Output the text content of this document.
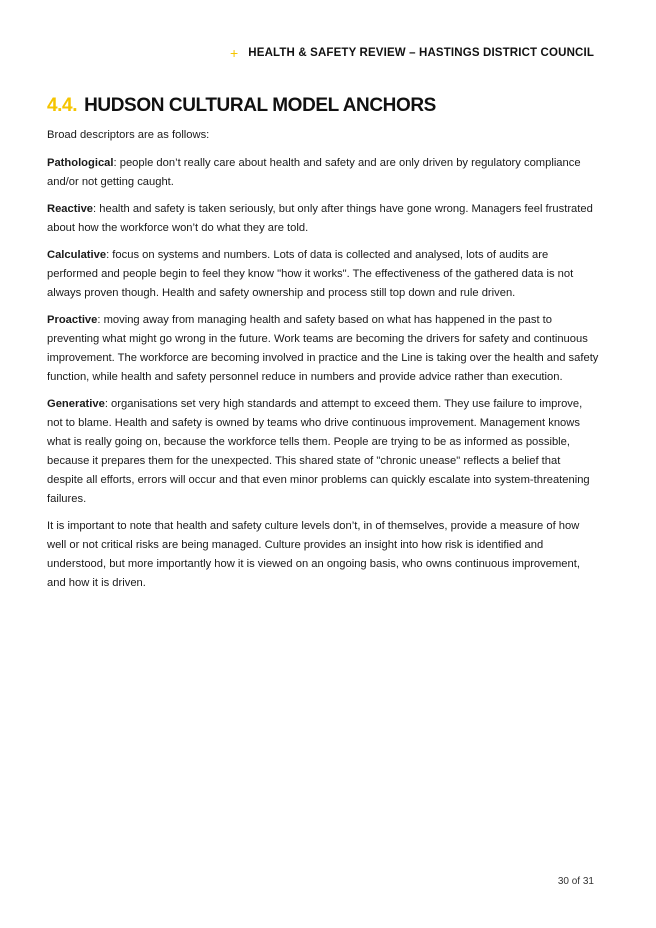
+ HEALTH & SAFETY REVIEW – HASTINGS DISTRICT COUNCIL
4.4. HUDSON CULTURAL MODEL ANCHORS

Broad descriptors are as follows:

Pathological: people don’t really care about health and safety and are only driven by regulatory compliance and/or not getting caught.

Reactive: health and safety is taken seriously, but only after things have gone wrong. Managers feel frustrated about how the workforce won’t do what they are told.

Calculative: focus on systems and numbers. Lots of data is collected and analysed, lots of audits are performed and people begin to feel they know "how it works". The effectiveness of the gathered data is not always proven though. Health and safety ownership and process still top down and rule driven.

Proactive: moving away from managing health and safety based on what has happened in the past to preventing what might go wrong in the future. Work teams are becoming the drivers for safety and continuous improvement. The workforce are becoming involved in practice and the Line is taking over the health and safety function, while health and safety personnel reduce in numbers and provide advice rather than execution.

Generative: organisations set very high standards and attempt to exceed them. They use failure to improve, not to blame. Health and safety is owned by teams who drive continuous improvement. Management knows what is really going on, because the workforce tells them. People are trying to be as informed as possible, because it prepares them for the unexpected. This shared state of "chronic unease" reflects a belief that despite all efforts, errors will occur and that even minor problems can quickly escalate into system-threatening failures.

It is important to note that health and safety culture levels don’t, in of themselves, provide a measure of how well or not critical risks are being managed. Culture provides an insight into how risk is identified and understood, but more importantly how it is viewed on an ongoing basis, who owns continuous improvement, and how it is driven.

30 of 31
